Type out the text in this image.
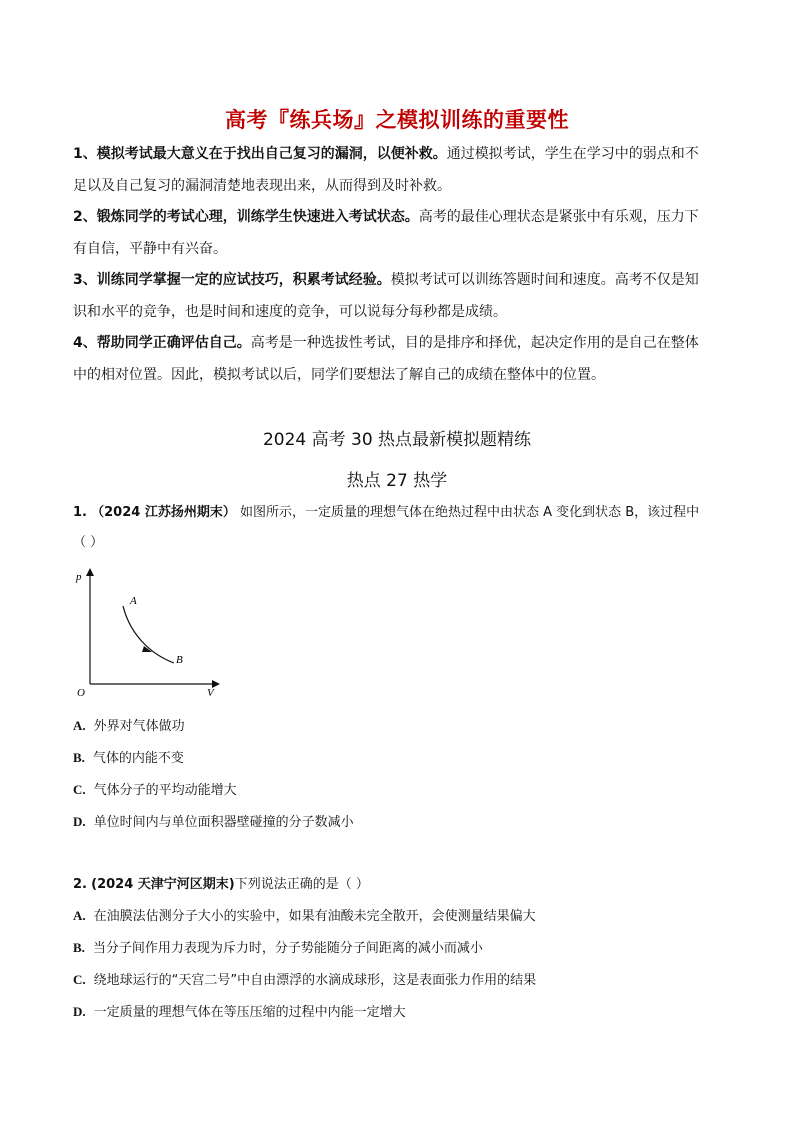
高考『练兵场』之模拟训练的重要性
1、模拟考试最大意义在于找出自己复习的漏洞，以便补救。通过模拟考试，学生在学习中的弱点和不
足以及自己复习的漏洞清楚地表现出来，从而得到及时补救。
2、锻炼同学的考试心理，训练学生快速进入考试状态。高考的最佳心理状态是紧张中有乐观，压力下
有自信，平静中有兴奋。
3、训练同学掌握一定的应试技巧，积累考试经验。模拟考试可以训练答题时间和速度。高考不仅是知
识和水平的竞争，也是时间和速度的竞争，可以说每分每秒都是成绩。
4、帮助同学正确评估自己。高考是一种选拔性考试，目的是排序和择优，起决定作用的是自己在整体
中的相对位置。因此，模拟考试以后，同学们要想法了解自己的成绩在整体中的位置。
2024 高考 30 热点最新模拟题精练
热点 27 热学
1. （2024 江苏扬州期末） 如图所示，一定质量的理想气体在绝热过程中由状态 A 变化到状态 B，该过程中
（ ）
p
V
O
A
B
A. 外界对气体做功
B. 气体的内能不变
C. 气体分子的平均动能增大
D. 单位时间内与单位面积器壁碰撞的分子数减小
2. (2024 天津宁河区期末)下列说法正确的是（ ）
A. 在油膜法估测分子大小的实验中，如果有油酸未完全散开，会使测量结果偏大
B. 当分子间作用力表现为斥力时，分子势能随分子间距离的减小而减小
C. 绕地球运行的“天宫二号”中自由漂浮的水滴成球形，这是表面张力作用的结果
D. 一定质量的理想气体在等压压缩的过程中内能一定增大
